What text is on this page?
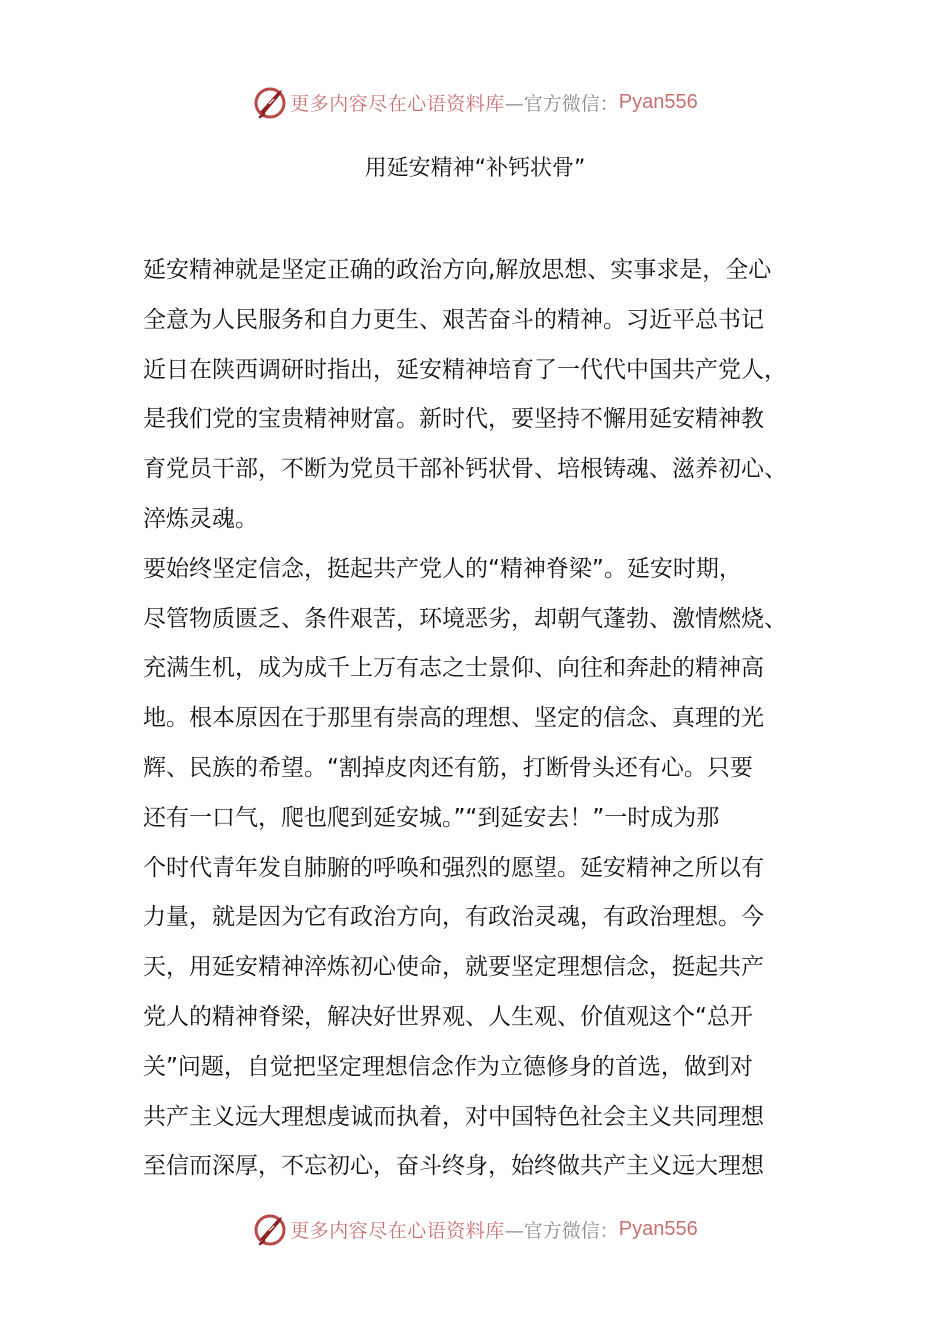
更多内容尽在心语资料库 —官方微信： Pyan556
用延安精神“补钙状骨”
延安精神就是坚定正确的政治方向,解放思想、实事求是，全心
全意为人民服务和自力更生、艰苦奋斗的精神。习近平总书记
近日在陕西调研时指出，延安精神培育了一代代中国共产党人，
是我们党的宝贵精神财富。新时代，要坚持不懈用延安精神教
育党员干部，不断为党员干部补钙状骨、培根铸魂、滋养初心、
淬炼灵魂。
要始终坚定信念，挺起共产党人的“精神脊梁”。延安时期，
尽管物质匮乏、条件艰苦，环境恶劣，却朝气蓬勃、激情燃烧、
充满生机，成为成千上万有志之士景仰、向往和奔赴的精神高
地。根本原因在于那里有崇高的理想、坚定的信念、真理的光
辉、民族的希望。“割掉皮肉还有筋，打断骨头还有心。只要
还有一口气，爬也爬到延安城。”“到延安去！”一时成为那
个时代青年发自肺腑的呼唤和强烈的愿望。延安精神之所以有
力量，就是因为它有政治方向，有政治灵魂，有政治理想。今
天，用延安精神淬炼初心使命，就要坚定理想信念，挺起共产
党人的精神脊梁，解决好世界观、人生观、价值观这个“总开
关”问题，自觉把坚定理想信念作为立德修身的首选，做到对
共产主义远大理想虔诚而执着，对中国特色社会主义共同理想
至信而深厚，不忘初心，奋斗终身，始终做共产主义远大理想
更多内容尽在心语资料库 —官方微信： Pyan556
